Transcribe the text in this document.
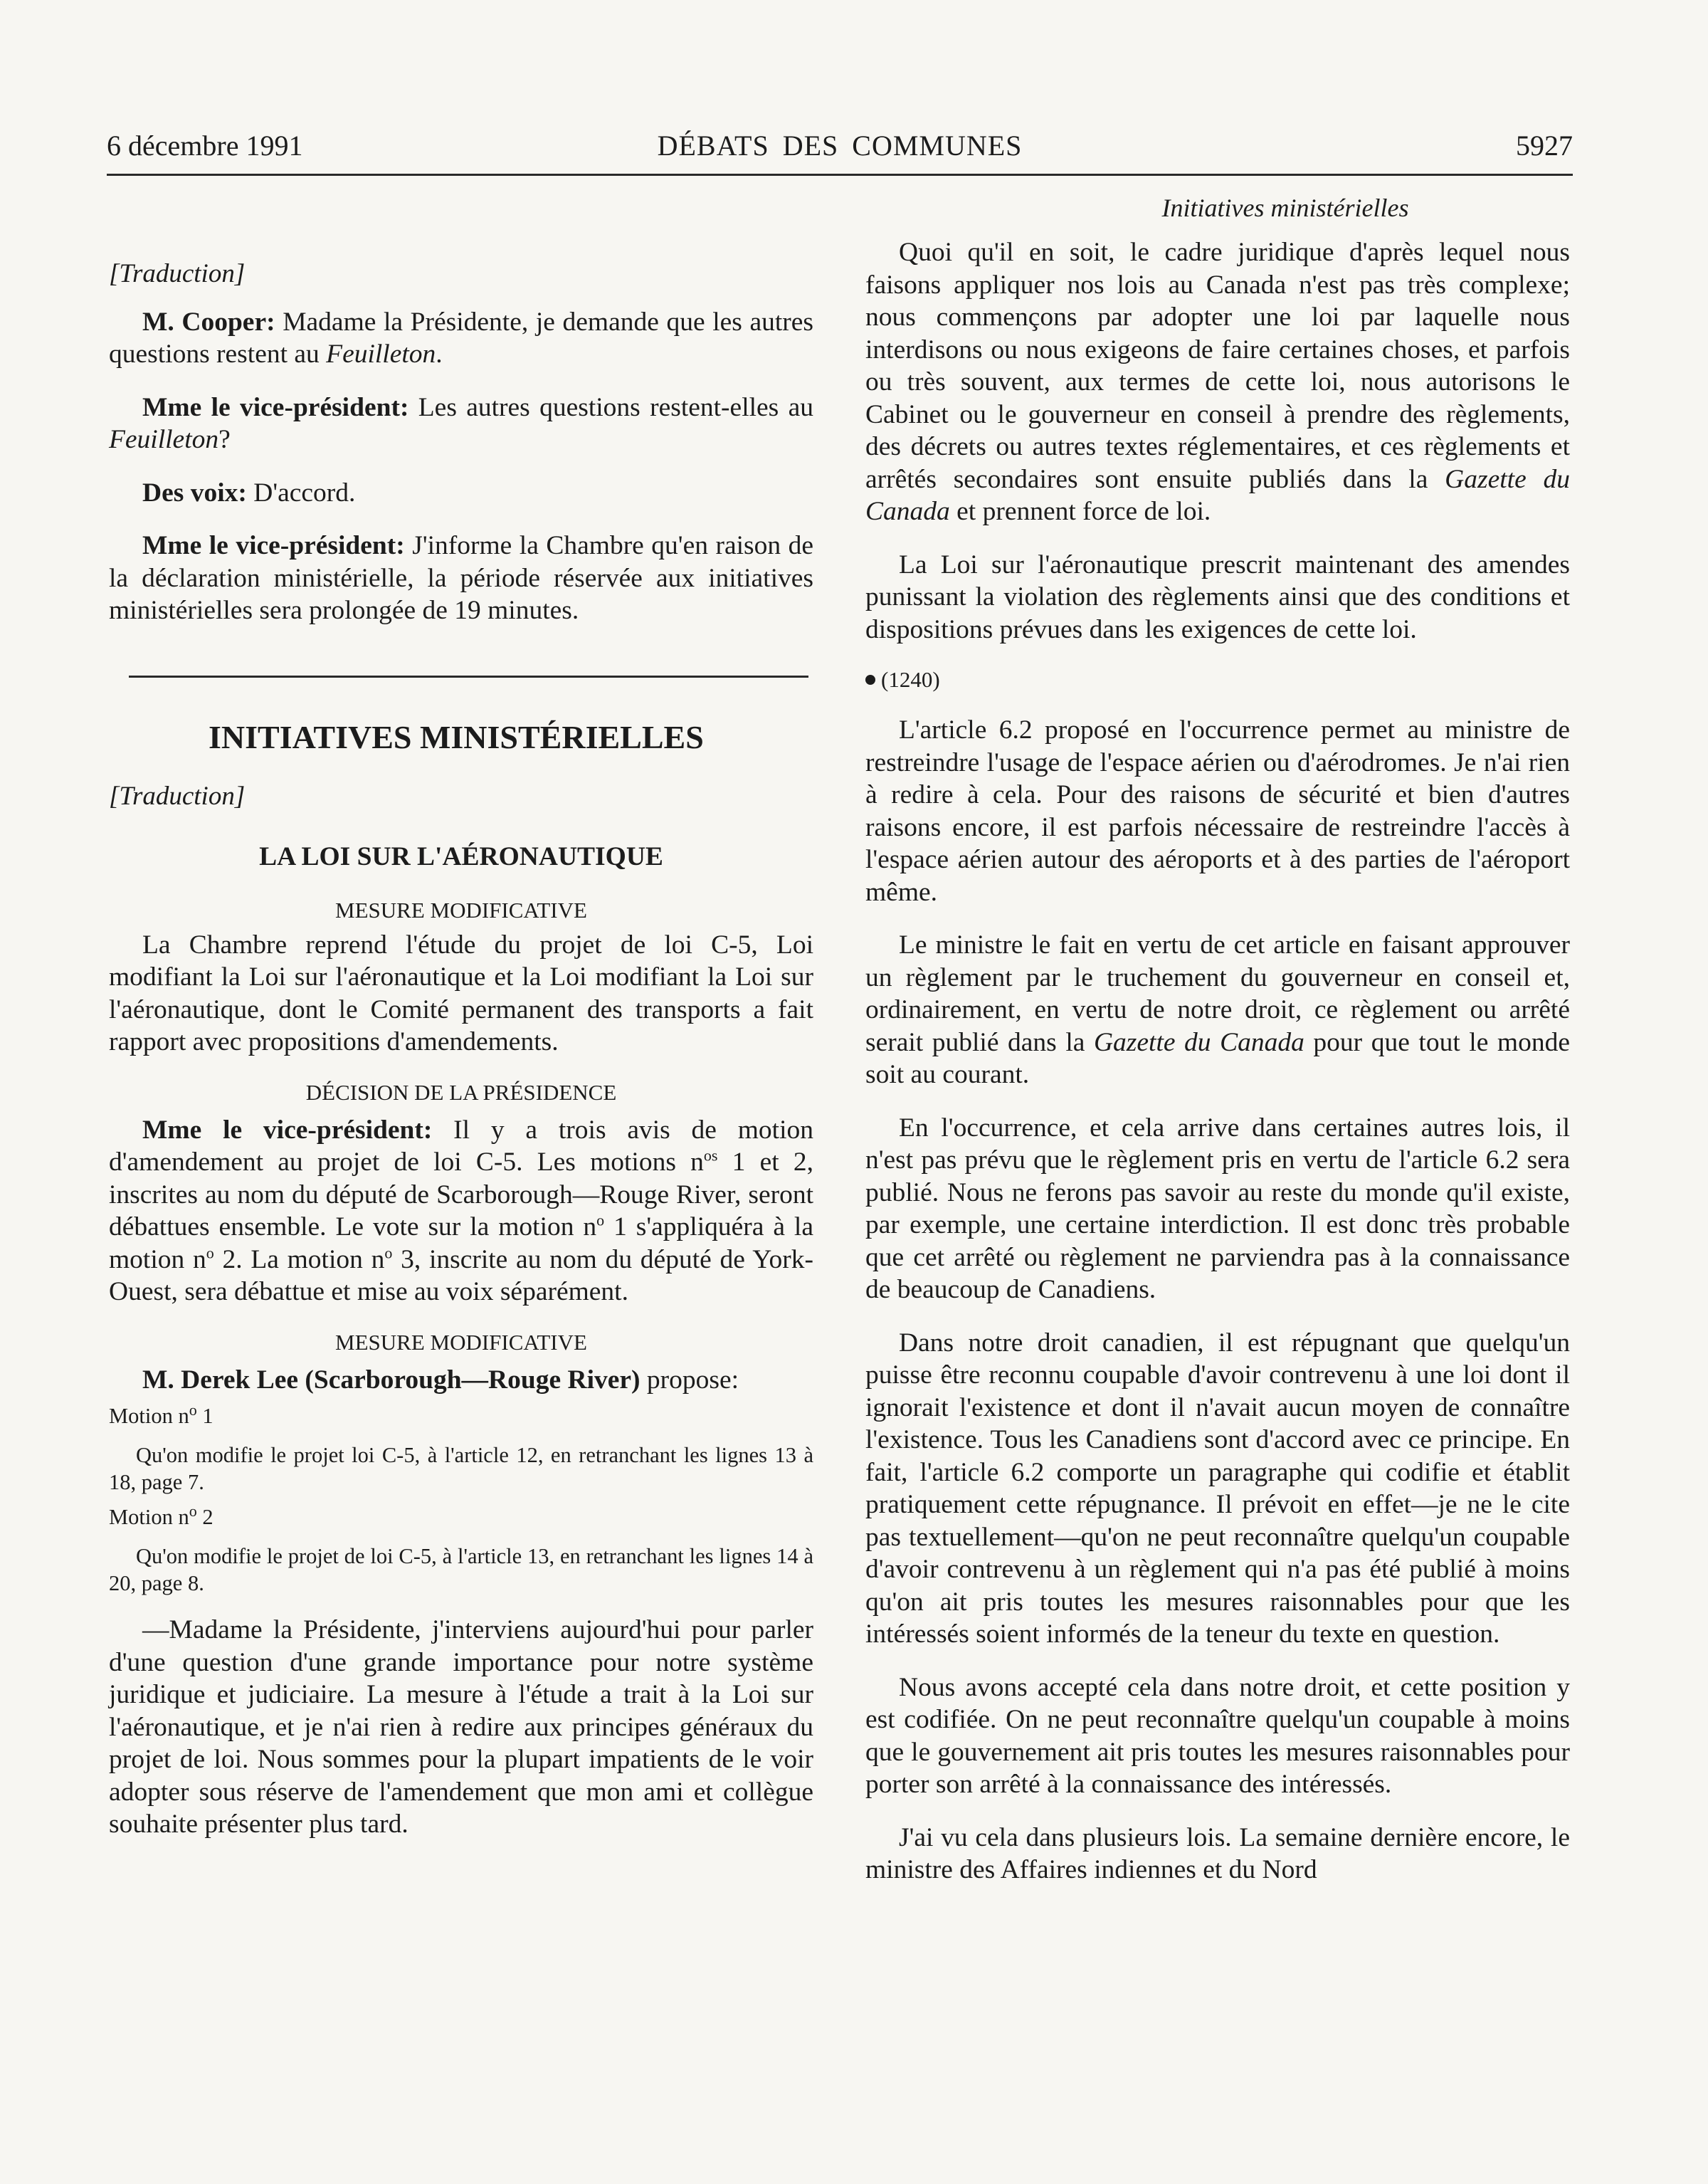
6 décembre 1991	DÉBATS DES COMMUNES	5927

[Traduction]

M. Cooper: Madame la Présidente, je demande que les autres questions restent au Feuilleton.

Mme le vice-président: Les autres questions restent-elles au Feuilleton?

Des voix: D'accord.

Mme le vice-président: J'informe la Chambre qu'en raison de la déclaration ministérielle, la période réservée aux initiatives ministérielles sera prolongée de 19 minutes.

INITIATIVES MINISTÉRIELLES

[Traduction]

LA LOI SUR L'AÉRONAUTIQUE

MESURE MODIFICATIVE

La Chambre reprend l'étude du projet de loi C-5, Loi modifiant la Loi sur l'aéronautique et la Loi modifiant la Loi sur l'aéronautique, dont le Comité permanent des transports a fait rapport avec propositions d'amendements.

DÉCISION DE LA PRÉSIDENCE

Mme le vice-président: Il y a trois avis de motion d'amendement au projet de loi C-5. Les motions $n^{os}$ 1 et 2, inscrites au nom du député de Scarborough—Rouge River, seront débattues ensemble. Le vote sur la motion $n^o$ 1 s'appliquéra à la motion $n^o$ 2. La motion $n^o$ 3, inscrite au nom du député de York-Ouest, sera débattue et mise au voix séparément.

MESURE MODIFICATIVE

M. Derek Lee (Scarborough—Rouge River) propose:

Motion $n^o$ 1

Qu'on modifie le projet loi C-5, à l'article 12, en retranchant les lignes 13 à 18, page 7.

Motion $n^o$ 2

Qu'on modifie le projet de loi C-5, à l'article 13, en retranchant les lignes 14 à 20, page 8.

—Madame la Présidente, j'interviens aujourd'hui pour parler d'une question d'une grande importance pour notre système juridique et judiciaire. La mesure à l'étude a trait à la Loi sur l'aéronautique, et je n'ai rien à redire aux principes généraux du projet de loi. Nous sommes pour la plupart impatients de le voir adopter sous réserve de l'amendement que mon ami et collègue souhaite présenter plus tard.

Initiatives ministérielles

Quoi qu'il en soit, le cadre juridique d'après lequel nous faisons appliquer nos lois au Canada n'est pas très complexe; nous commençons par adopter une loi par laquelle nous interdisons ou nous exigeons de faire certaines choses, et parfois ou très souvent, aux termes de cette loi, nous autorisons le Cabinet ou le gouverneur en conseil à prendre des règlements, des décrets ou autres textes réglementaires, et ces règlements et arrêtés secondaires sont ensuite publiés dans la Gazette du Canada et prennent force de loi.

La Loi sur l'aéronautique prescrit maintenant des amendes punissant la violation des règlements ainsi que des conditions et dispositions prévues dans les exigences de cette loi.

(1240)

L'article 6.2 proposé en l'occurrence permet au ministre de restreindre l'usage de l'espace aérien ou d'aérodromes. Je n'ai rien à redire à cela. Pour des raisons de sécurité et bien d'autres raisons encore, il est parfois nécessaire de restreindre l'accès à l'espace aérien autour des aéroports et à des parties de l'aéroport même.

Le ministre le fait en vertu de cet article en faisant approuver un règlement par le truchement du gouverneur en conseil et, ordinairement, en vertu de notre droit, ce règlement ou arrêté serait publié dans la Gazette du Canada pour que tout le monde soit au courant.

En l'occurrence, et cela arrive dans certaines autres lois, il n'est pas prévu que le règlement pris en vertu de l'article 6.2 sera publié. Nous ne ferons pas savoir au reste du monde qu'il existe, par exemple, une certaine interdiction. Il est donc très probable que cet arrêté ou règlement ne parviendra pas à la connaissance de beaucoup de Canadiens.

Dans notre droit canadien, il est répugnant que quelqu'un puisse être reconnu coupable d'avoir contrevenu à une loi dont il ignorait l'existence et dont il n'avait aucun moyen de connaître l'existence. Tous les Canadiens sont d'accord avec ce principe. En fait, l'article 6.2 comporte un paragraphe qui codifie et établit pratiquement cette répugnance. Il prévoit en effet—je ne le cite pas textuellement—qu'on ne peut reconnaître quelqu'un coupable d'avoir contrevenu à un règlement qui n'a pas été publié à moins qu'on ait pris toutes les mesures raisonnables pour que les intéressés soient informés de la teneur du texte en question.

Nous avons accepté cela dans notre droit, et cette position y est codifiée. On ne peut reconnaître quelqu'un coupable à moins que le gouvernement ait pris toutes les mesures raisonnables pour porter son arrêté à la connaissance des intéressés.

J'ai vu cela dans plusieurs lois. La semaine dernière encore, le ministre des Affaires indiennes et du Nord
